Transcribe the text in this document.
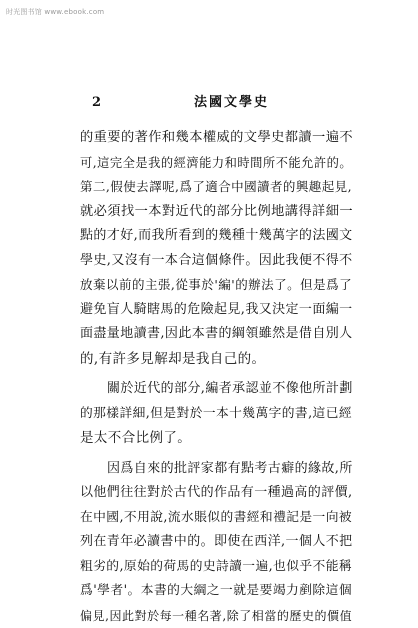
时光图书馆 www.ebook.com
2	法國文學史
的重要的著作和幾本權威的文學史都讀一遍不
可,這完全是我的經濟能力和時間所不能允許的。
第二,假使去譯呢,爲了適合中國讀者的興趣起見,
就必須找一本對近代的部分比例地講得詳細一
點的才好,而我所看到的幾種十幾萬字的法國文
學史,又沒有一本合這個條件。因此我便不得不
放棄以前的主張,從事於'編'的辦法了。但是爲了
避免盲人騎瞎馬的危險起見,我又決定一面編一
面盡量地讀書,因此本書的綱領雖然是借自別人
的,有許多見解却是我自己的。
關於近代的部分,編者承認並不像他所計劃
的那樣詳細,但是對於一本十幾萬字的書,這已經
是太不合比例了。
因爲自來的批評家都有點考古癖的緣故,所
以他們往往對於古代的作品有一種過高的評價,
在中國,不用說,流水賬似的書經和禮記是一向被
列在青年必讀書中的。即使在西洋,一個人不把
粗劣的,原始的荷馬的史詩讀一遍,也似乎不能稱
爲'學者'。本書的大綱之一就是要竭力剷除這個
偏見,因此對於每一種名著,除了相當的歷史的價值
